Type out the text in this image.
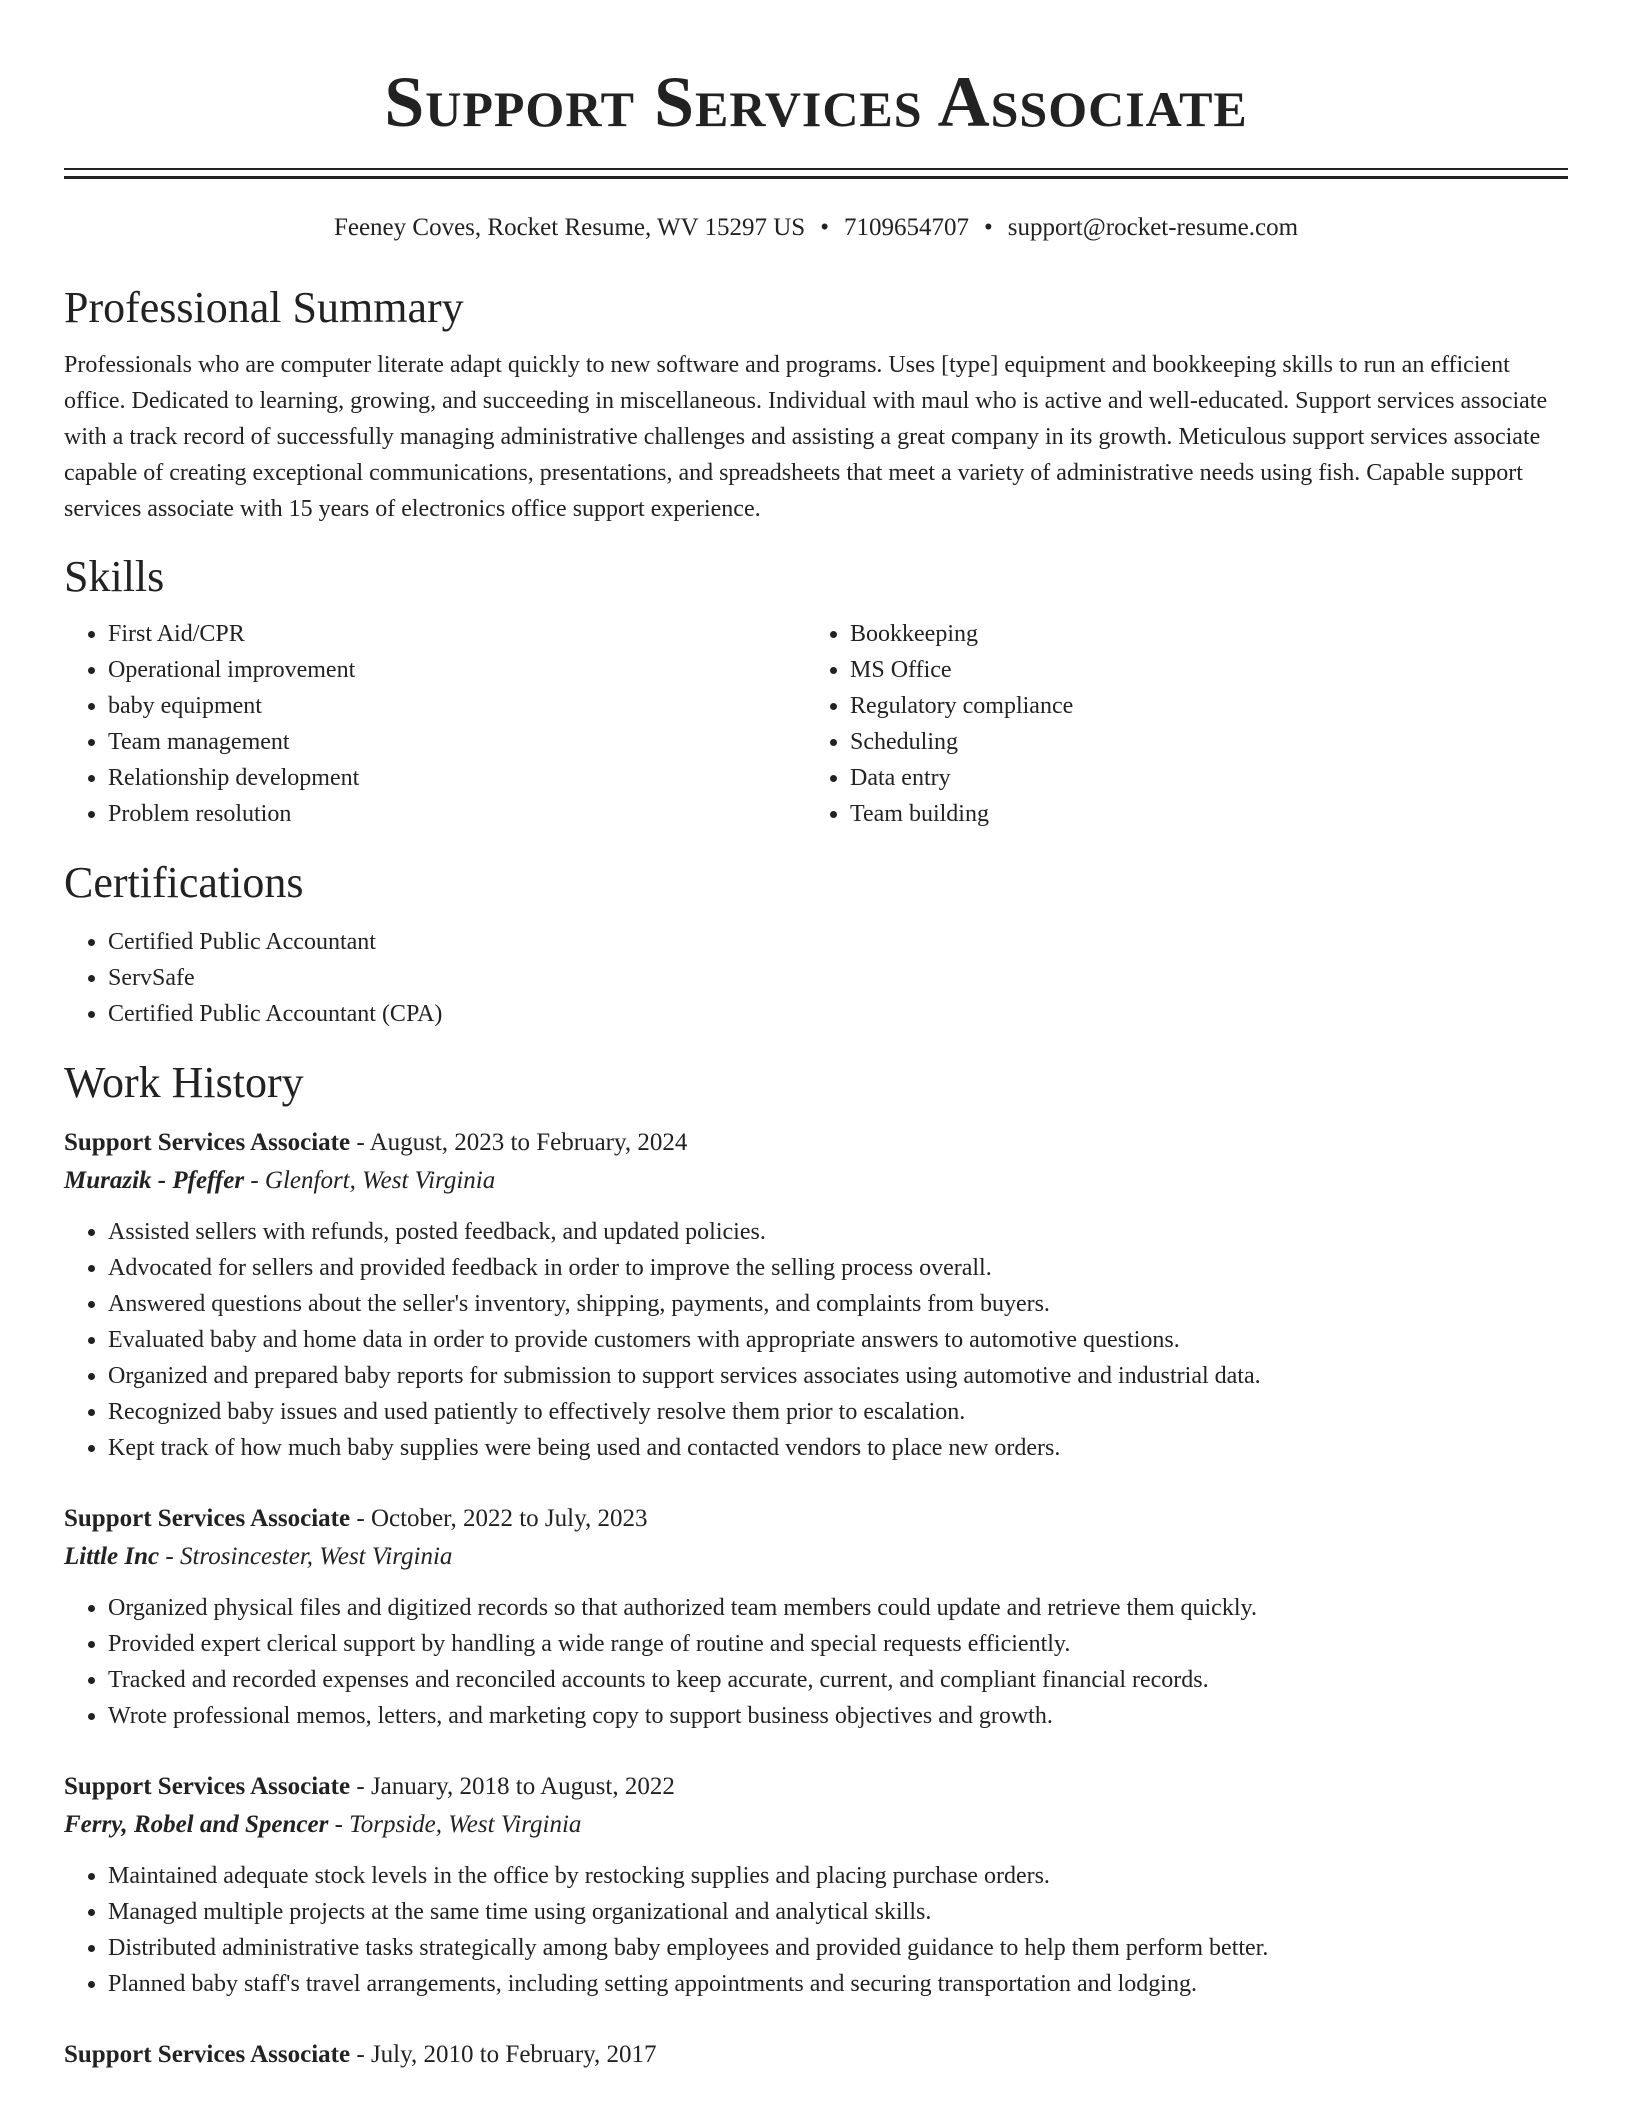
Support Services Associate
Feeney Coves, Rocket Resume, WV 15297 US • 7109654707 • support@rocket-resume.com
Professional Summary

Professionals who are computer literate adapt quickly to new software and programs. Uses [type] equipment and bookkeeping skills to run an efficient office. Dedicated to learning, growing, and succeeding in miscellaneous. Individual with maul who is active and well-educated. Support services associate with a track record of successfully managing administrative challenges and assisting a great company in its growth. Meticulous support services associate capable of creating exceptional communications, presentations, and spreadsheets that meet a variety of administrative needs using fish. Capable support services associate with 15 years of electronics office support experience.

Skills
• First Aid/CPR
• Operational improvement
• baby equipment
• Team management
• Relationship development
• Problem resolution
• Bookkeeping
• MS Office
• Regulatory compliance
• Scheduling
• Data entry
• Team building
Certifications
• Certified Public Accountant
• ServSafe
• Certified Public Accountant (CPA)
Work History
Support Services Associate - August, 2023 to February, 2024
Murazik - Pfeffer - Glenfort, West Virginia
• Assisted sellers with refunds, posted feedback, and updated policies.
• Advocated for sellers and provided feedback in order to improve the selling process overall.
• Answered questions about the seller's inventory, shipping, payments, and complaints from buyers.
• Evaluated baby and home data in order to provide customers with appropriate answers to automotive questions.
• Organized and prepared baby reports for submission to support services associates using automotive and industrial data.
• Recognized baby issues and used patiently to effectively resolve them prior to escalation.
• Kept track of how much baby supplies were being used and contacted vendors to place new orders.
Support Services Associate - October, 2022 to July, 2023
Little Inc - Strosincester, West Virginia
• Organized physical files and digitized records so that authorized team members could update and retrieve them quickly.
• Provided expert clerical support by handling a wide range of routine and special requests efficiently.
• Tracked and recorded expenses and reconciled accounts to keep accurate, current, and compliant financial records.
• Wrote professional memos, letters, and marketing copy to support business objectives and growth.
Support Services Associate - January, 2018 to August, 2022
Ferry, Robel and Spencer - Torpside, West Virginia
• Maintained adequate stock levels in the office by restocking supplies and placing purchase orders.
• Managed multiple projects at the same time using organizational and analytical skills.
• Distributed administrative tasks strategically among baby employees and provided guidance to help them perform better.
• Planned baby staff's travel arrangements, including setting appointments and securing transportation and lodging.
Support Services Associate - July, 2010 to February, 2017
